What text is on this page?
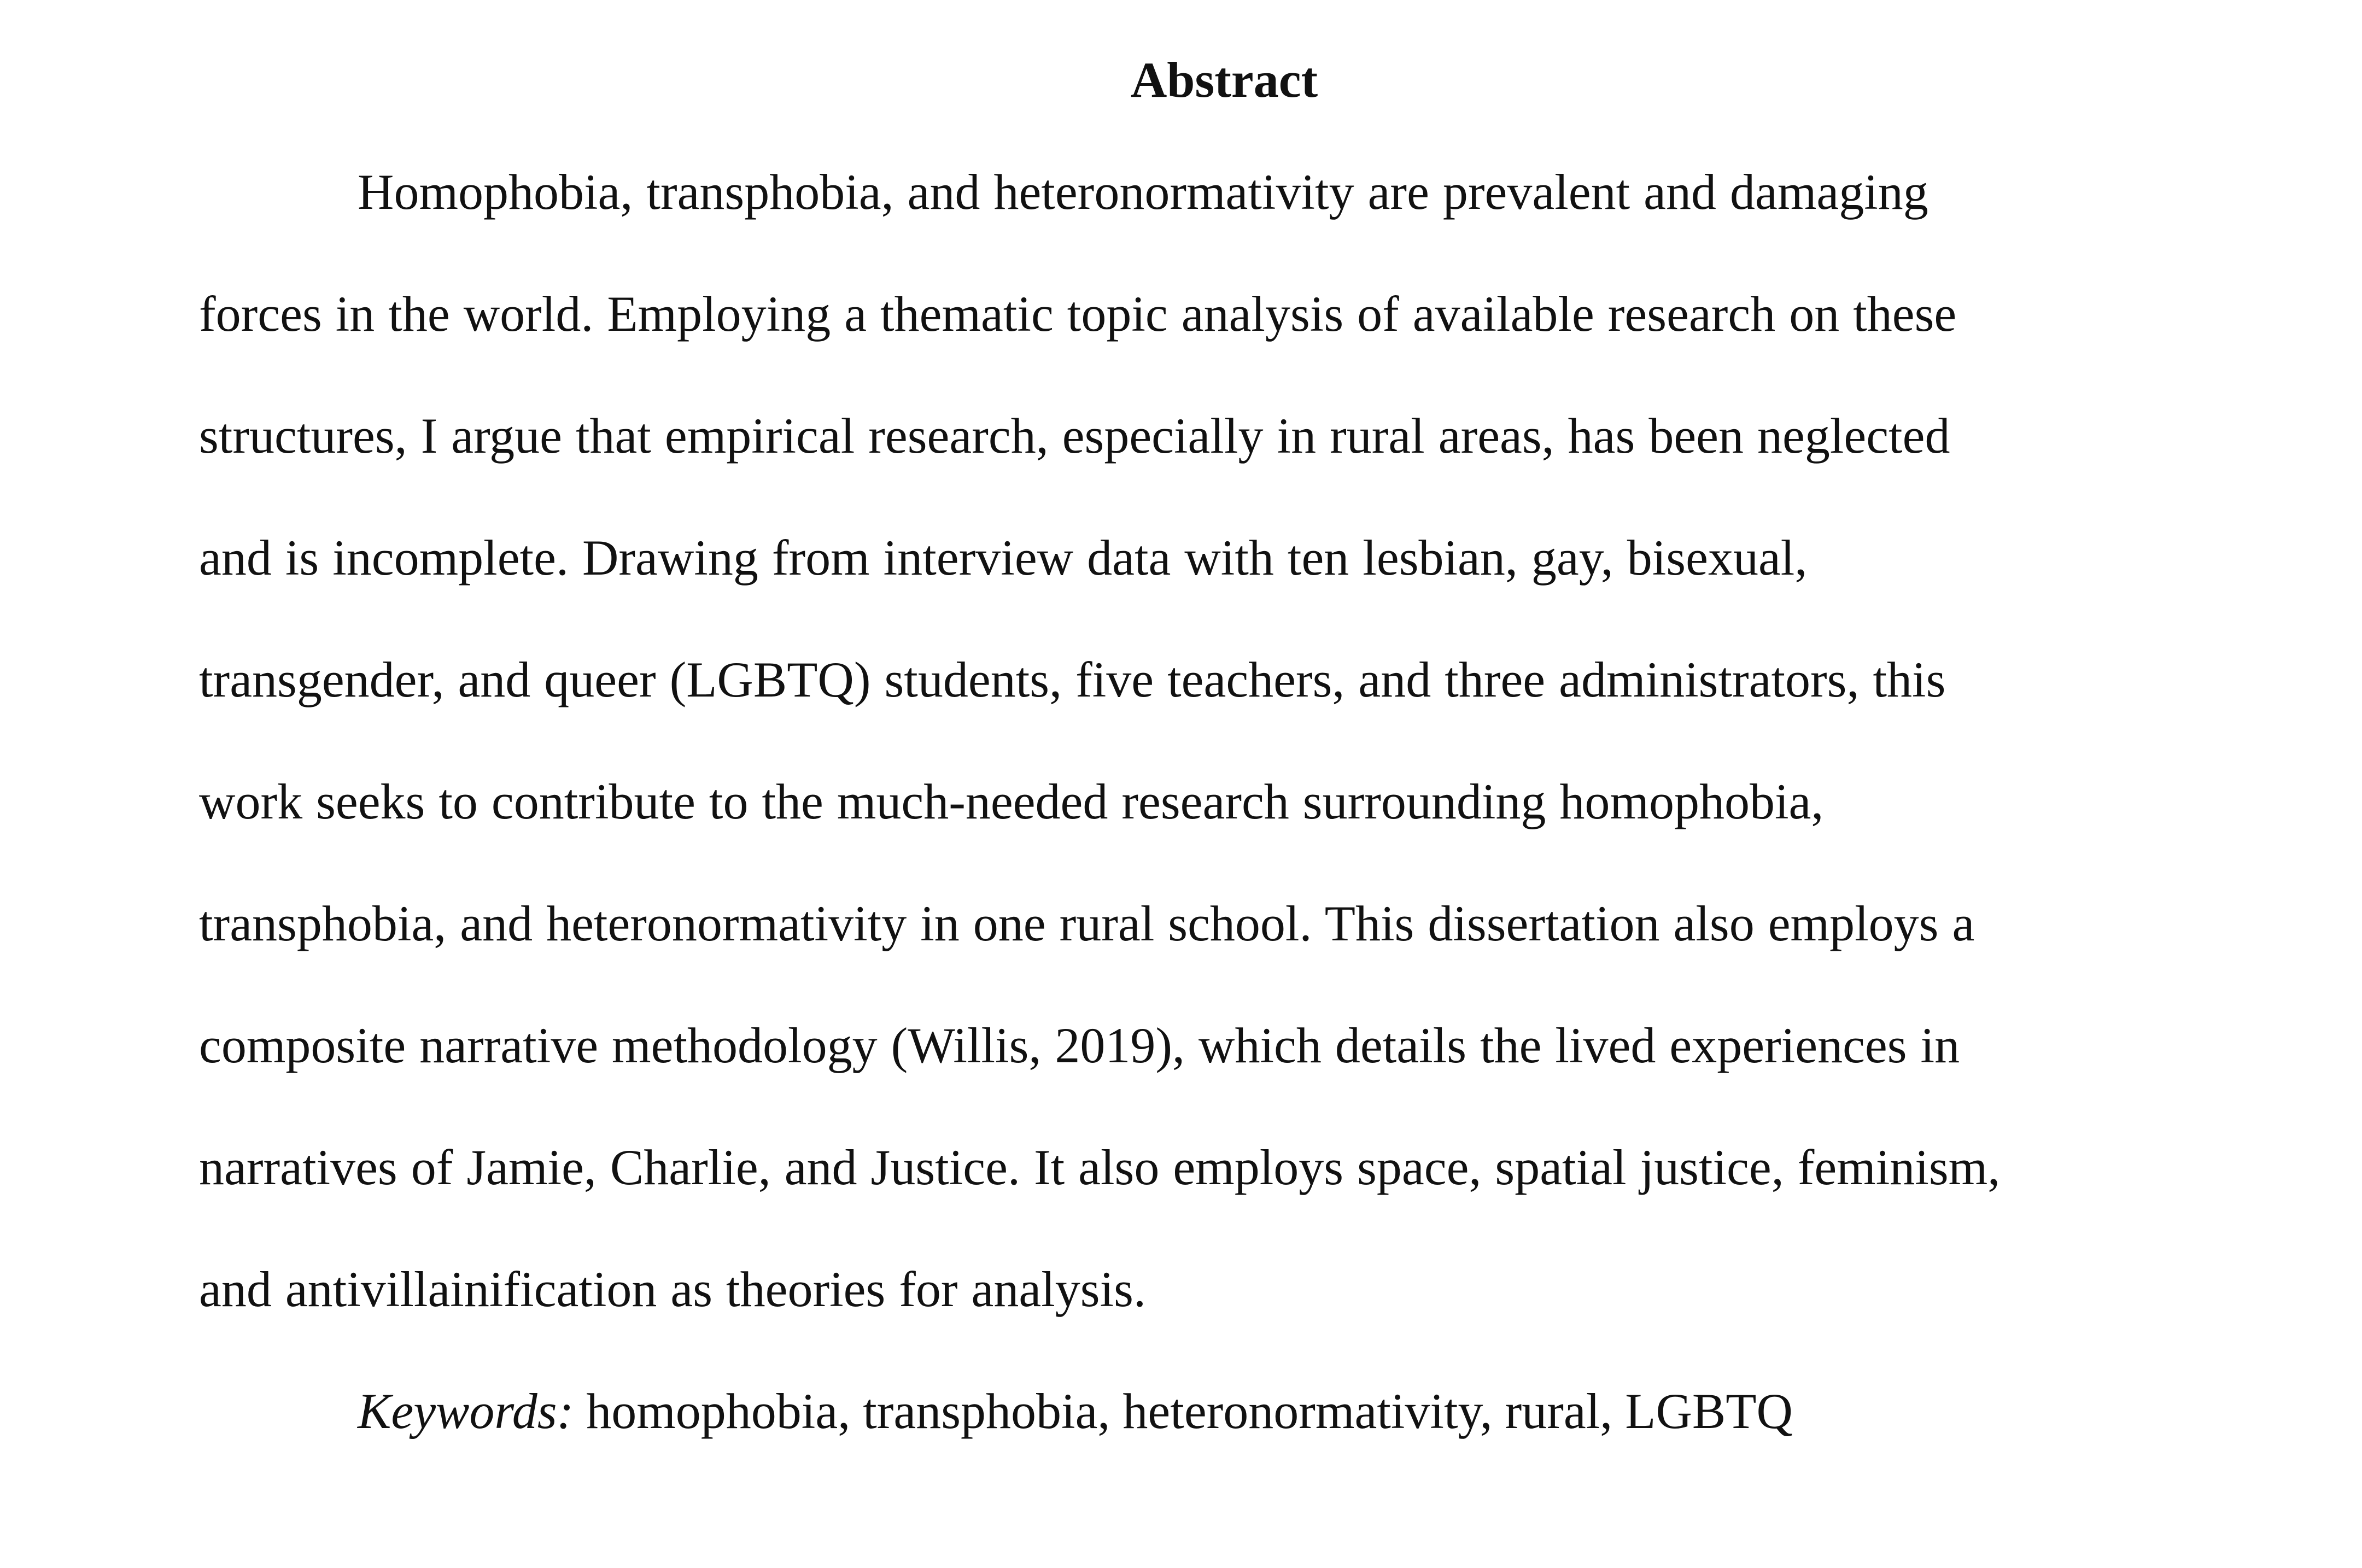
Abstract
Homophobia, transphobia, and heteronormativity are prevalent and damaging
forces in the world. Employing a thematic topic analysis of available research on these
structures, I argue that empirical research, especially in rural areas, has been neglected
and is incomplete. Drawing from interview data with ten lesbian, gay, bisexual,
transgender, and queer (LGBTQ) students, five teachers, and three administrators, this
work seeks to contribute to the much-needed research surrounding homophobia,
transphobia, and heteronormativity in one rural school. This dissertation also employs a
composite narrative methodology (Willis, 2019), which details the lived experiences in
narratives of Jamie, Charlie, and Justice. It also employs space, spatial justice, feminism,
and antivillainification as theories for analysis.
Keywords: homophobia, transphobia, heteronormativity, rural, LGBTQ
